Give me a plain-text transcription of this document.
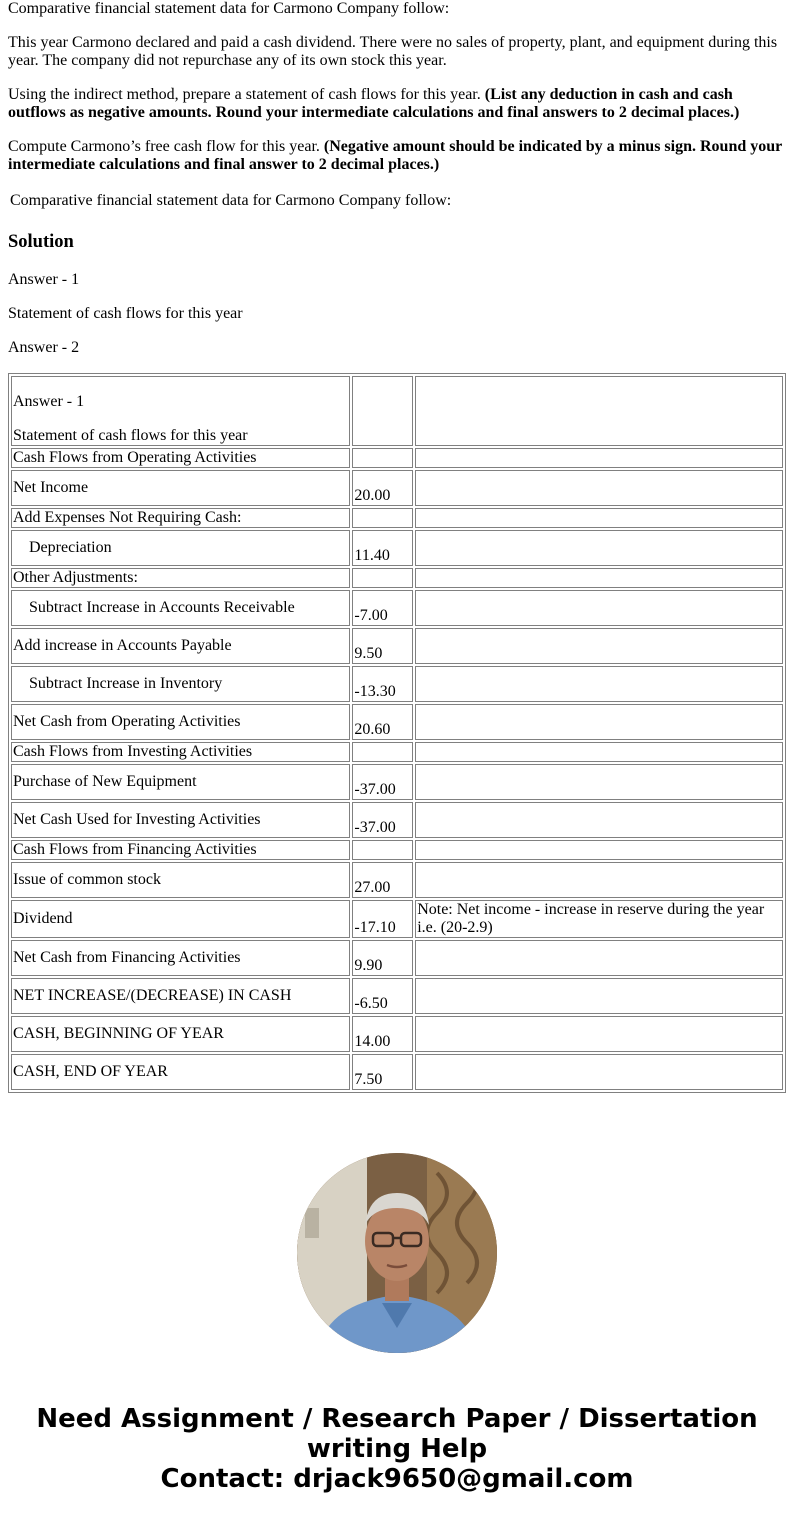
Comparative financial statement data for Carmono Company follow:

This year Carmono declared and paid a cash dividend. There were no sales of property, plant, and equipment during this year. The company did not repurchase any of its own stock this year.

Using the indirect method, prepare a statement of cash flows for this year. (List any deduction in cash and cash outflows as negative amounts. Round your intermediate calculations and final answers to 2 decimal places.)

Compute Carmono’s free cash flow for this year. (Negative amount should be indicated by a minus sign. Round your intermediate calculations and final answer to 2 decimal places.)

Comparative financial statement data for Carmono Company follow:

Solution

Answer - 1

Statement of cash flows for this year

Answer - 2

Answer - 1
Statement of cash flows for this year		

Cash Flows from Operating Activities		
Net Income	20.00	
Add Expenses Not Requiring Cash:		
Depreciation	11.40	
Other Adjustments:		
Subtract Increase in Accounts Receivable	-7.00	
Add increase in Accounts Payable	9.50	
Subtract Increase in Inventory	-13.30	
Net Cash from Operating Activities	20.60	
Cash Flows from Investing Activities		
Purchase of New Equipment	-37.00	
Net Cash Used for Investing Activities	-37.00	
Cash Flows from Financing Activities		
Issue of common stock	27.00	
Dividend	-17.10	Note: Net income - increase in reserve during the year i.e. (20-2.9)
Net Cash from Financing Activities	9.90	
NET INCREASE/(DECREASE) IN CASH	-6.50	
CASH, BEGINNING OF YEAR	14.00	
CASH, END OF YEAR	7.50	
Need Assignment / Research Paper / Dissertation
writing Help
Contact: drjack9650@gmail.com
